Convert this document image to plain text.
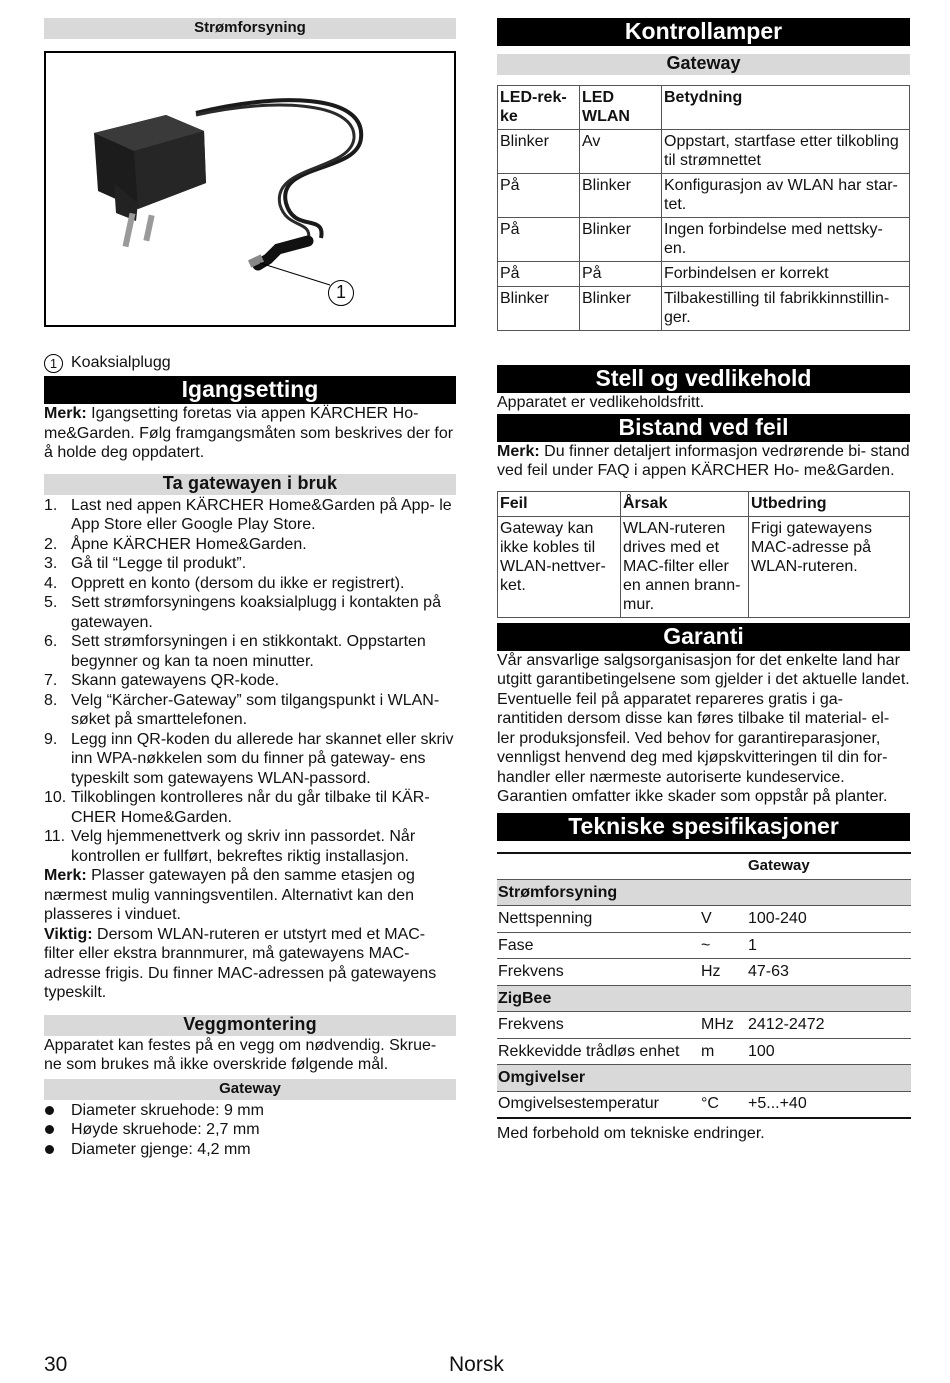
Strømforsyning
1
1 Koaksialplugg
Igangsetting

Merk: Igangsetting foretas via appen KÄRCHER Ho- me&Garden. Følg framgangsmåten som beskrives der for å holde deg oppdatert.

Ta gatewayen i bruk
1. Last ned appen KÄRCHER Home&Garden på App- le App Store eller Google Play Store.
2. Åpne KÄRCHER Home&Garden.
3. Gå til “Legge til produkt”.
4. Opprett en konto (dersom du ikke er registrert).
5. Sett strømforsyningens koaksialplugg i kontakten på gatewayen.
6. Sett strømforsyningen i en stikkontakt. Oppstarten begynner og kan ta noen minutter.
7. Skann gatewayens QR-kode.
8. Velg “Kärcher-Gateway” som tilgangspunkt i WLAN- søket på smarttelefonen.
9. Legg inn QR-koden du allerede har skannet eller skriv inn WPA-nøkkelen som du finner på gateway- ens typeskilt som gatewayens WLAN-passord.
10. Tilkoblingen kontrolleres når du går tilbake til KÄR- CHER Home&Garden.
11. Velg hjemmenettverk og skriv inn passordet. Når kontrollen er fullført, bekreftes riktig installasjon.

Merk: Plasser gatewayen på den samme etasjen og nærmest mulig vanningsventilen. Alternativt kan den plasseres i vinduet.

Viktig: Dersom WLAN-ruteren er utstyrt med et MAC- filter eller ekstra brannmurer, må gatewayens MAC- adresse frigis. Du finner MAC-adressen på gatewayens typeskilt.

Veggmontering

Apparatet kan festes på en vegg om nødvendig. Skrue- ne som brukes må ikke overskride følgende mål.

Gateway
Diameter skruehode: 9 mm
Høyde skruehode: 2,7 mm
Diameter gjenge: 4,2 mm
Kontrollamper
Gateway
LED-rek- ke	LED WLAN	Betydning
Blinker	Av	Oppstart, startfase etter tilkobling til strømnettet
På	Blinker	Konfigurasjon av WLAN har star- tet.
På	Blinker	Ingen forbindelse med nettsky- en.
På	På	Forbindelsen er korrekt
Blinker	Blinker	Tilbakestilling til fabrikkinnstillin- ger.
Stell og vedlikehold

Apparatet er vedlikeholdsfritt.

Bistand ved feil

Merk: Du finner detaljert informasjon vedrørende bi- stand ved feil under FAQ i appen KÄRCHER Ho- me&Garden.

Feil	Årsak	Utbedring
Gateway kan ikke kobles til WLAN-nettver- ket.	WLAN-ruteren drives med et MAC-filter eller en annen brann- mur.	Frigi gatewayens MAC-adresse på WLAN-ruteren.
Garanti

Vår ansvarlige salgsorganisasjon for det enkelte land har utgitt garantibetingelsene som gjelder i det aktuelle landet. Eventuelle feil på apparatet repareres gratis i ga- rantitiden dersom disse kan føres tilbake til material- el- ler produksjonsfeil. Ved behov for garantireparasjoner, vennligst henvend deg med kjøpskvitteringen til din for- handler eller nærmeste autoriserte kundeservice. Garantien omfatter ikke skader som oppstår på planter.

Tekniske spesifikasjoner
		Gateway
Strømforsyning		
Nettspenning	V	100-240
Fase	~	1
Frekvens	Hz	47-63
ZigBee		
Frekvens	MHz	2412-2472
Rekkevidde trådløs enhet	m	100
Omgivelser		
Omgivelsestemperatur	°C	+5...+40

Med forbehold om tekniske endringer.

30	Norsk
